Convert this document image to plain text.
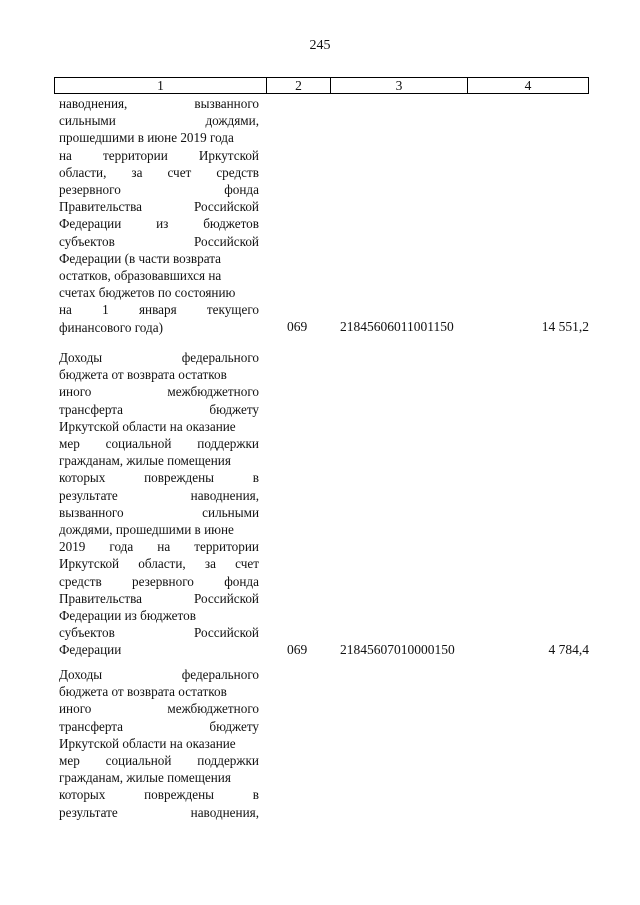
245
1	2	3	4
наводнения,	вызванного
сильными	дождями,
прошедшими в июне 2019 года
на территории Иркутской
области, за счет средств
резервного	фонда
Правительства	Российской
Федерации	из	бюджетов
субъектов	Российской
Федерации (в части возврата
остатков, образовавшихся на
счетах бюджетов по состоянию
на 1 января текущего
финансового года)	069 21845606011001150	14 551,2
Доходы	федерального
бюджета от возврата остатков
иного	межбюджетного
трансферта	бюджету
Иркутской области на оказание
мер социальной поддержки
гражданам, жилые помещения
которых	повреждены	в
результате	наводнения,
вызванного	сильными
дождями, прошедшими в июне
2019 года на территории
Иркутской области, за счет
средств резервного фонда
Правительства	Российской
Федерации из бюджетов
субъектов	Российской
Федерации	069 21845607010000150	4 784,4
Доходы	федерального
бюджета от возврата остатков
иного	межбюджетного
трансферта	бюджету
Иркутской области на оказание
мер социальной поддержки
гражданам, жилые помещения
которых	повреждены	в
результате	наводнения,
